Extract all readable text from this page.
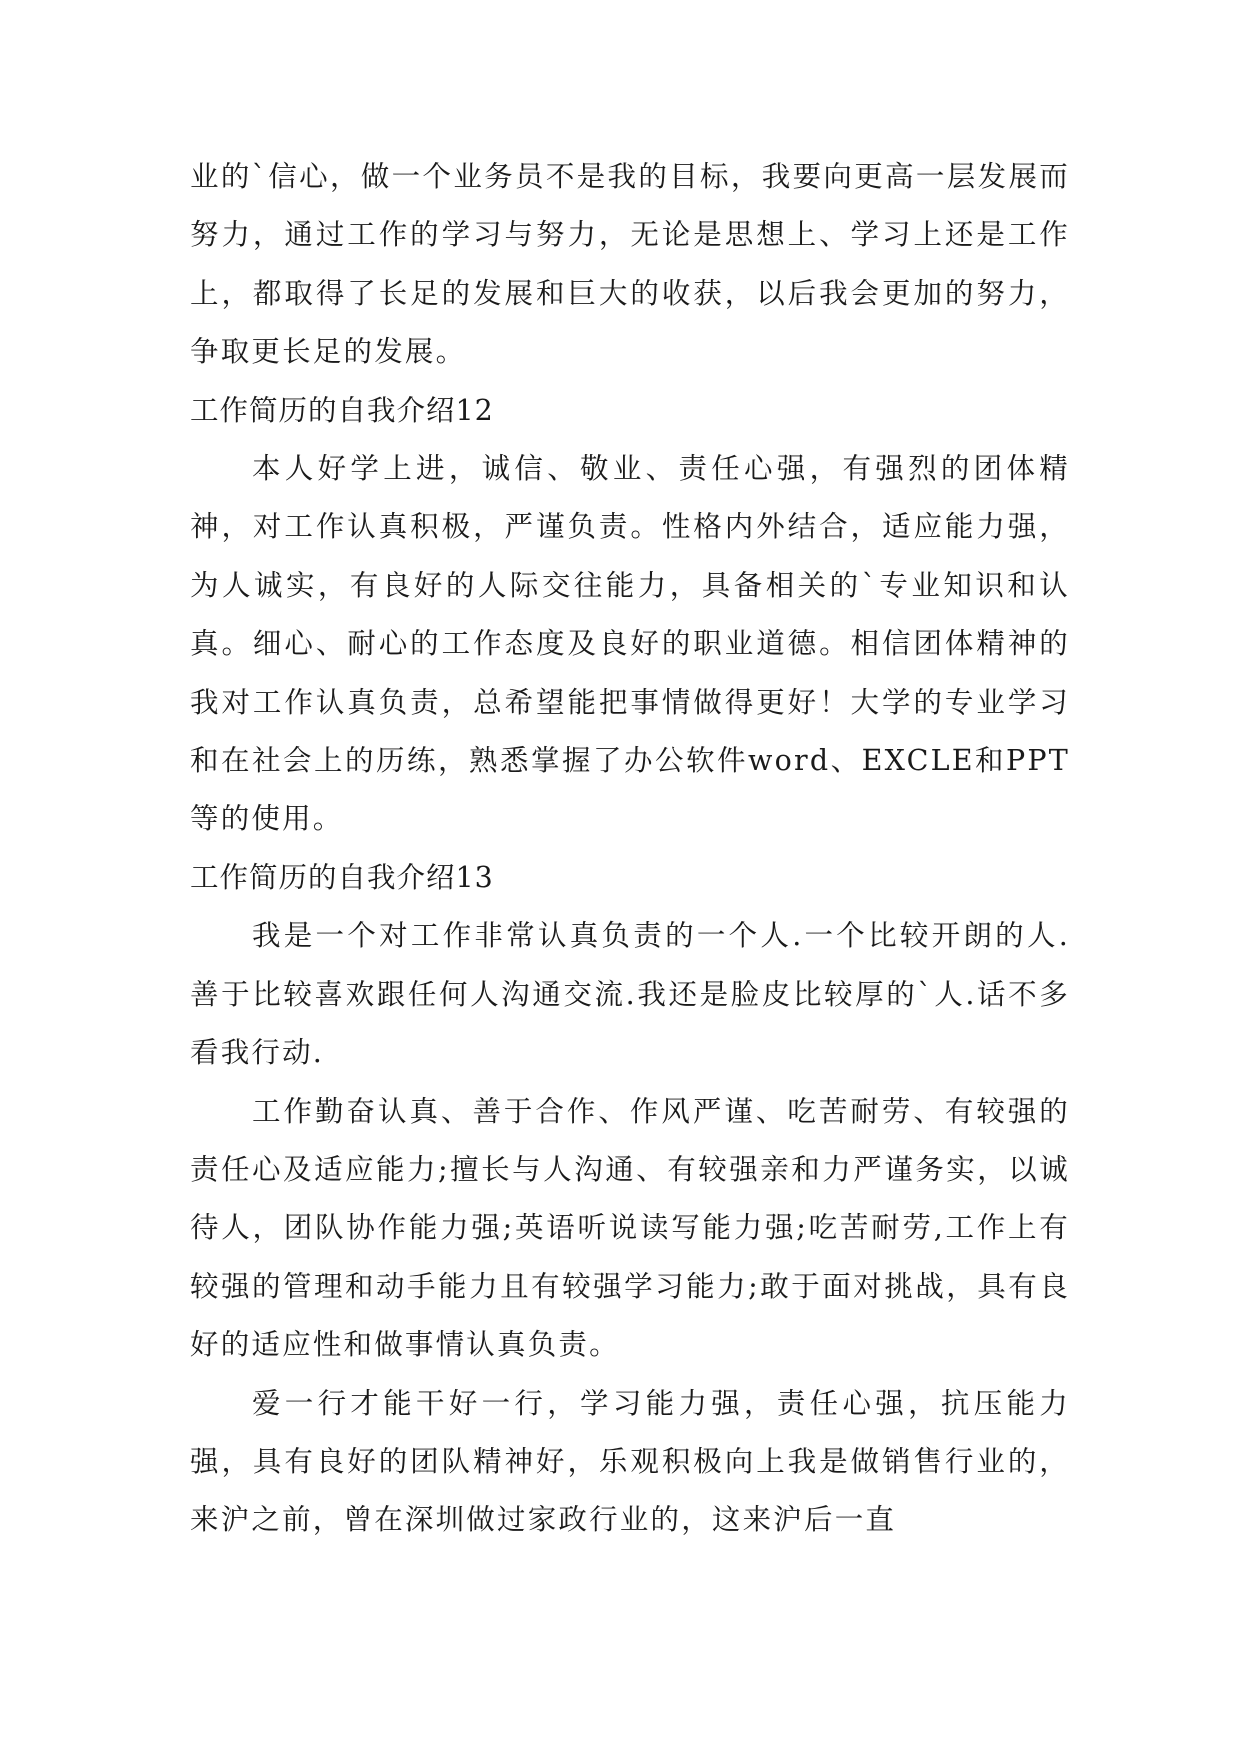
业的`信心，做一个业务员不是我的目标，我要向更高一层发展而努力，通过工作的学习与努力，无论是思想上、学习上还是工作上，都取得了长足的发展和巨大的收获，以后我会更加的努力，争取更长足的发展。

工作简历的自我介绍12

本人好学上进，诚信、敬业、责任心强，有强烈的团体精神，对工作认真积极，严谨负责。性格内外结合，适应能力强，为人诚实，有良好的人际交往能力，具备相关的`专业知识和认真。细心、耐心的工作态度及良好的职业道德。相信团体精神的我对工作认真负责，总希望能把事情做得更好！大学的专业学习和在社会上的历练，熟悉掌握了办公软件word、EXCLE和PPT等的使用。

工作简历的自我介绍13

我是一个对工作非常认真负责的一个人.一个比较开朗的人.善于比较喜欢跟任何人沟通交流.我还是脸皮比较厚的`人.话不多看我行动.

工作勤奋认真、善于合作、作风严谨、吃苦耐劳、有较强的责任心及适应能力;擅长与人沟通、有较强亲和力严谨务实，以诚待人，团队协作能力强;英语听说读写能力强;吃苦耐劳,工作上有较强的管理和动手能力且有较强学习能力;敢于面对挑战，具有良好的适应性和做事情认真负责。

爱一行才能干好一行，学习能力强，责任心强，抗压能力强，具有良好的团队精神好，乐观积极向上我是做销售行业的，来沪之前，曾在深圳做过家政行业的，这来沪后一直
